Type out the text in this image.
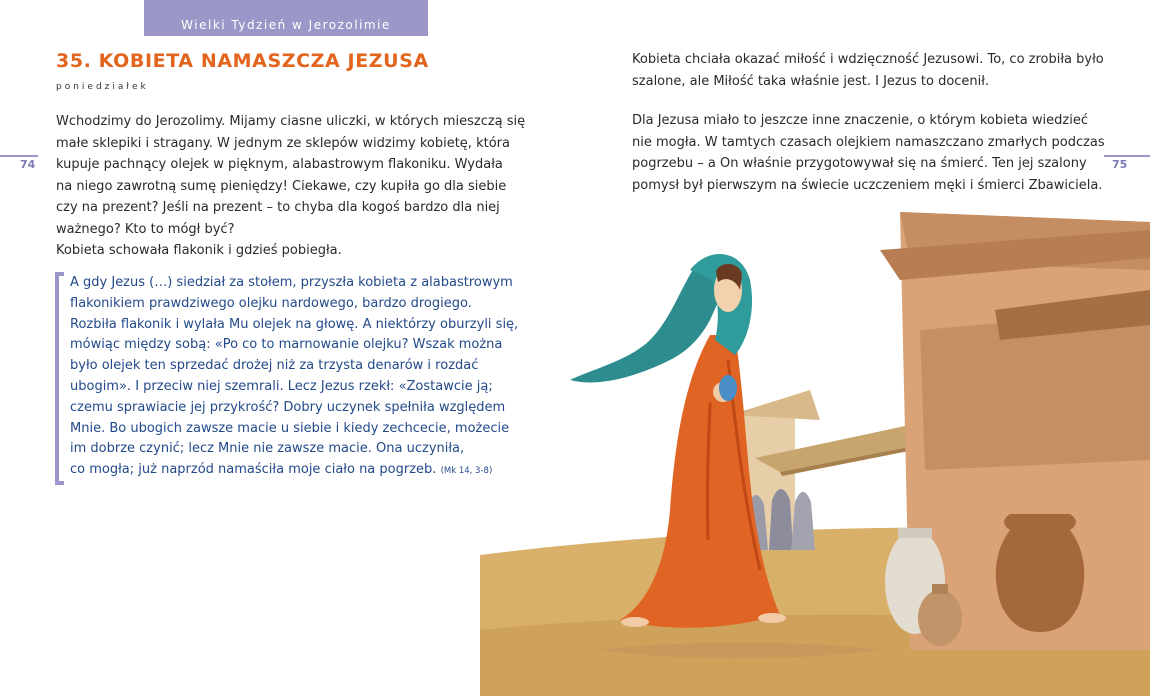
Wielki Tydzień w Jerozolimie
35. KOBIETA NAMASZCZA JEZUSA
poniedziałek
Wchodzimy do Jerozolimy. Mijamy ciasne uliczki, w których mieszczą się
małe sklepiki i stragany. W jednym ze sklepów widzimy kobietę, która
kupuje pachnący olejek w pięknym, alabastrowym flakoniku. Wydała
na niego zawrotną sumę pieniędzy! Ciekawe, czy kupiła go dla siebie
czy na prezent? Jeśli na prezent – to chyba dla kogoś bardzo dla niej
ważnego? Kto to mógł być?
Kobieta schowała flakonik i gdzieś pobiegła.
A gdy Jezus (…) siedział za stołem, przyszła kobieta z alabastrowym
flakonikiem prawdziwego olejku nardowego, bardzo drogiego.
Rozbiła flakonik i wylała Mu olejek na głowę. A niektórzy oburzyli się,
mówiąc między sobą: «Po co to marnowanie olejku? Wszak można
było olejek ten sprzedać drożej niż za trzysta denarów i rozdać
ubogim». I przeciw niej szemrali. Lecz Jezus rzekł: «Zostawcie ją;
czemu sprawiacie jej przykrość? Dobry uczynek spełniła względem
Mnie. Bo ubogich zawsze macie u siebie i kiedy zechcecie, możecie
im dobrze czynić; lecz Mnie nie zawsze macie. Ona uczyniła,
co mogła; już naprzód namaściła moje ciało na pogrzeb. (Mk 14, 3-8)
Kobieta chciała okazać miłość i wdzięczność Jezusowi. To, co zrobiła było
szalone, ale Miłość taka właśnie jest. I Jezus to docenił.
Dla Jezusa miało to jeszcze inne znaczenie, o którym kobieta wiedzieć
nie mogła. W tamtych czasach olejkiem namaszczano zmarłych podczas
pogrzebu – a On właśnie przygotowywał się na śmierć. Ten jej szalony
pomysł był pierwszym na świecie uczczeniem męki i śmierci Zbawiciela.
74	75
